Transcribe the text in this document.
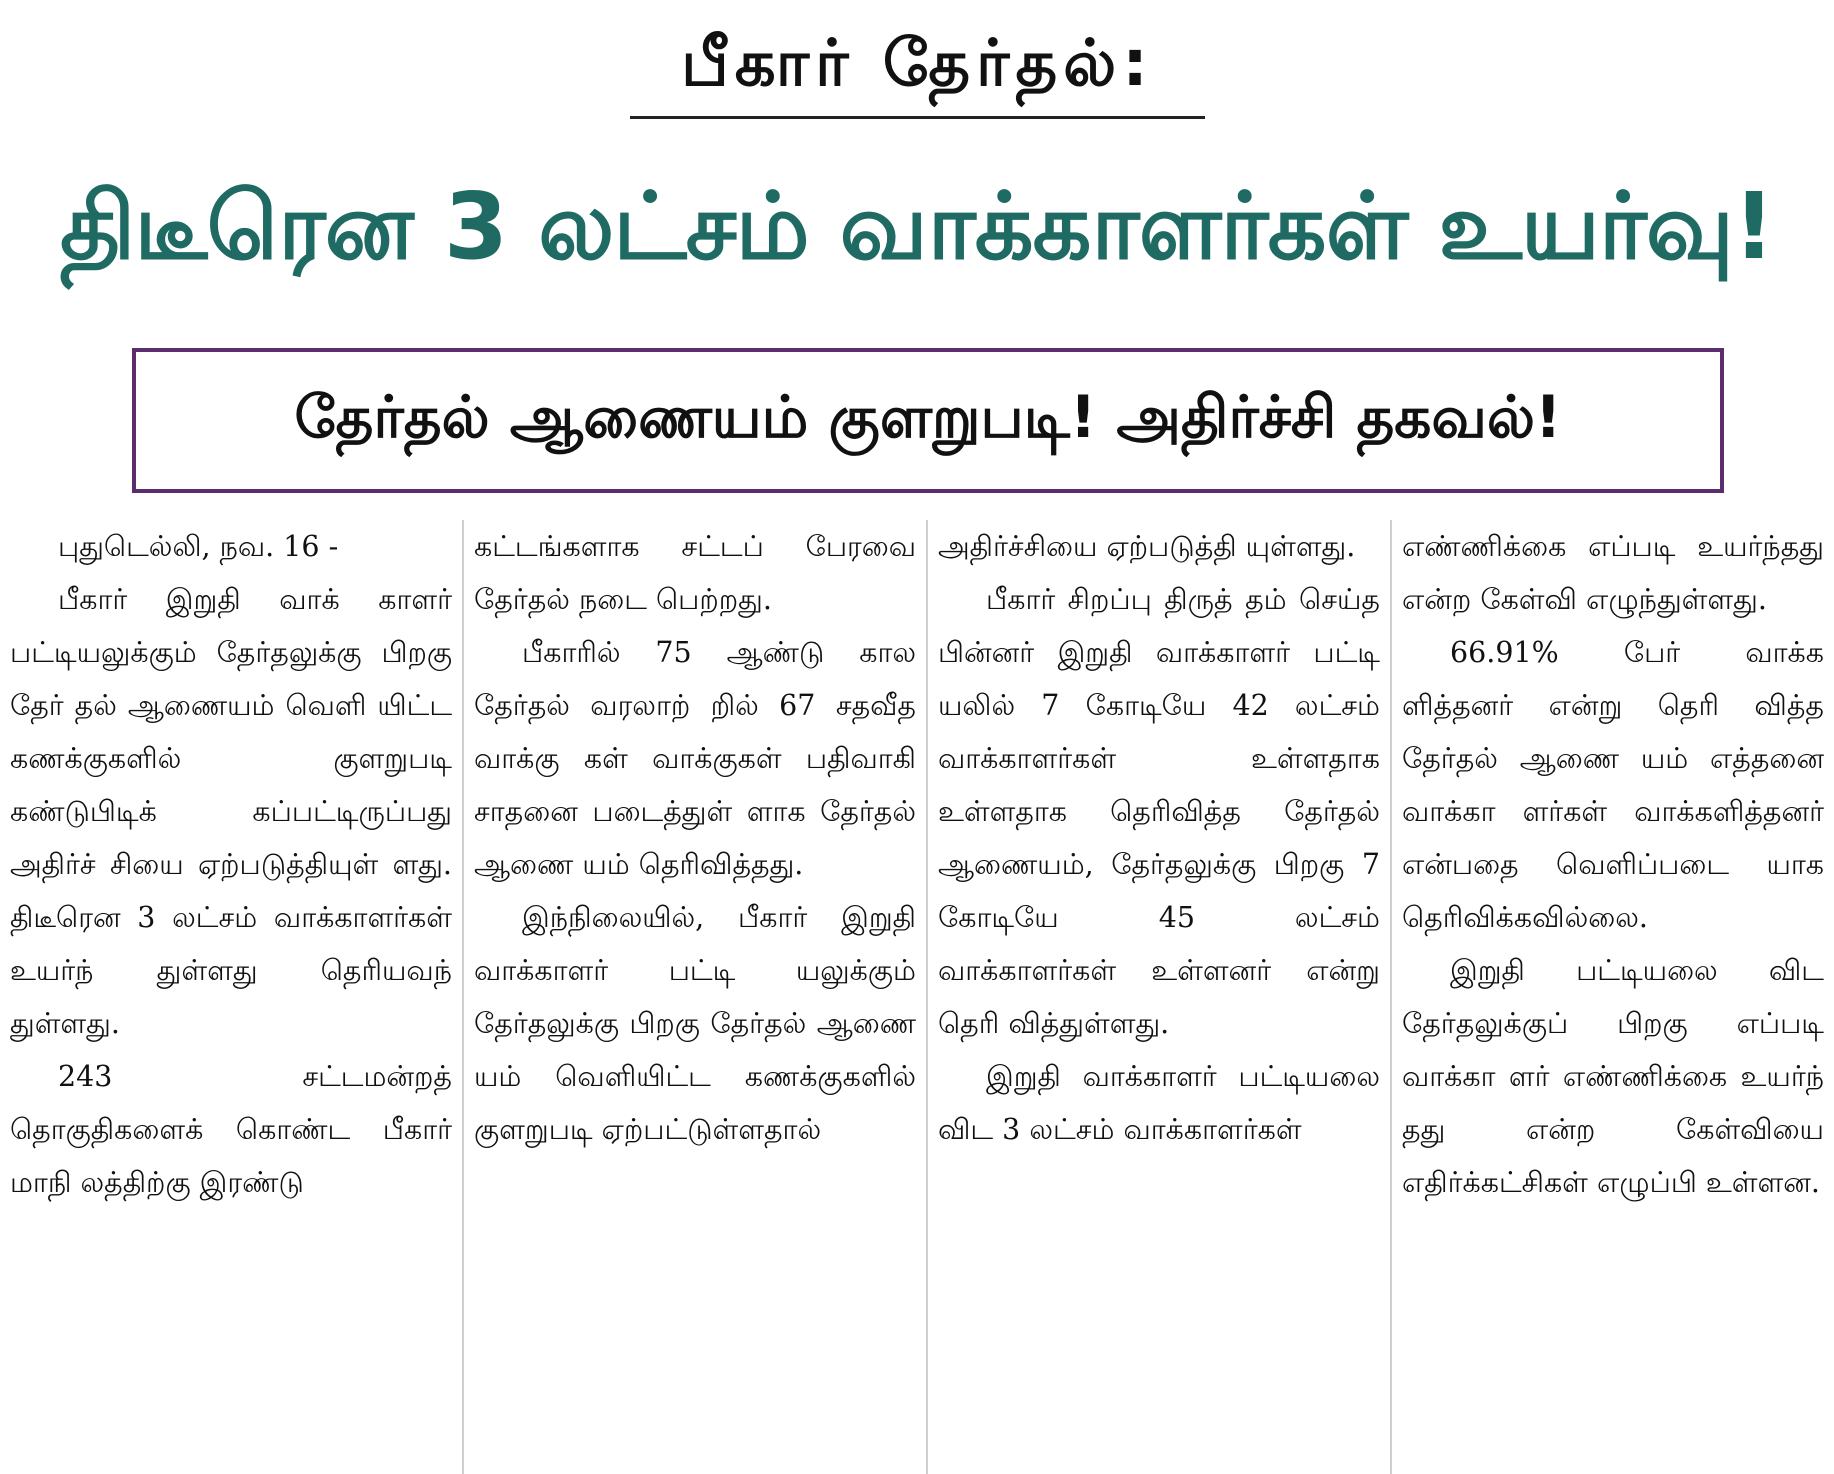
பீகார் தேர்தல்:
திடீரென 3 லட்சம் வாக்காளர்கள் உயர்வு!
தேர்தல் ஆணையம் குளறுபடி! அதிர்ச்சி தகவல்!

புதுடெல்லி, நவ. 16 -

பீகார் இறுதி வாக் காளர் பட்டியலுக்கும் தேர்தலுக்கு பிறகு தேர் தல் ஆணையம் வெளி யிட்ட கணக்குகளில் குளறுபடி கண்டுபிடிக் கப்பட்டிருப்பது அதிர்ச் சியை ஏற்படுத்தியுள் ளது. திடீரென 3 லட்சம் வாக்காளர்கள் உயர்ந் துள்ளது தெரியவந் துள்ளது.

243 சட்டமன்றத் தொகுதிகளைக் கொண்ட பீகார் மாநி லத்திற்கு இரண்டு

கட்டங்களாக சட்டப் பேரவை தேர்தல் நடை பெற்றது.

பீகாரில் 75 ஆண்டு கால தேர்தல் வரலாற் றில் 67 சதவீத வாக்கு கள் வாக்குகள் பதிவாகி சாதனை படைத்துள் ளாக தேர்தல் ஆணை யம் தெரிவித்தது.

இந்நிலையில், பீகார் இறுதி வாக்காளர் பட்டி யலுக்கும் தேர்தலுக்கு பிறகு தேர்தல் ஆணை யம் வெளியிட்ட கணக்குகளில் குளறுபடி ஏற்பட்டுள்ளதால்

அதிர்ச்சியை ஏற்படுத்தி யுள்ளது.

பீகார் சிறப்பு திருத் தம் செய்த பின்னர் இறுதி வாக்காளர் பட்டி யலில் 7 கோடியே 42 லட்சம் வாக்காளர்கள் உள்ளதாக உள்ளதாக தெரிவித்த தேர்தல் ஆணையம், தேர்தலுக்கு பிறகு 7 கோடியே 45 லட்சம் வாக்காளர்கள் உள்ளனர் என்று தெரி வித்துள்ளது.

இறுதி வாக்காளர் பட்டியலை விட 3 லட்சம் வாக்காளர்கள்

எண்ணிக்கை எப்படி உயர்ந்தது என்ற கேள்வி எழுந்துள்ளது.

66.91% பேர் வாக்க ளித்தனர் என்று தெரி வித்த தேர்தல் ஆணை யம் எத்தனை வாக்கா ளர்கள் வாக்களித்தனர் என்பதை வெளிப்படை யாக தெரிவிக்கவில்லை.

இறுதி பட்டியலை விட தேர்தலுக்குப் பிறகு எப்படி வாக்கா ளர் எண்ணிக்கை உயர்ந் தது என்ற கேள்வியை எதிர்க்கட்சிகள் எழுப்பி உள்ளன.
